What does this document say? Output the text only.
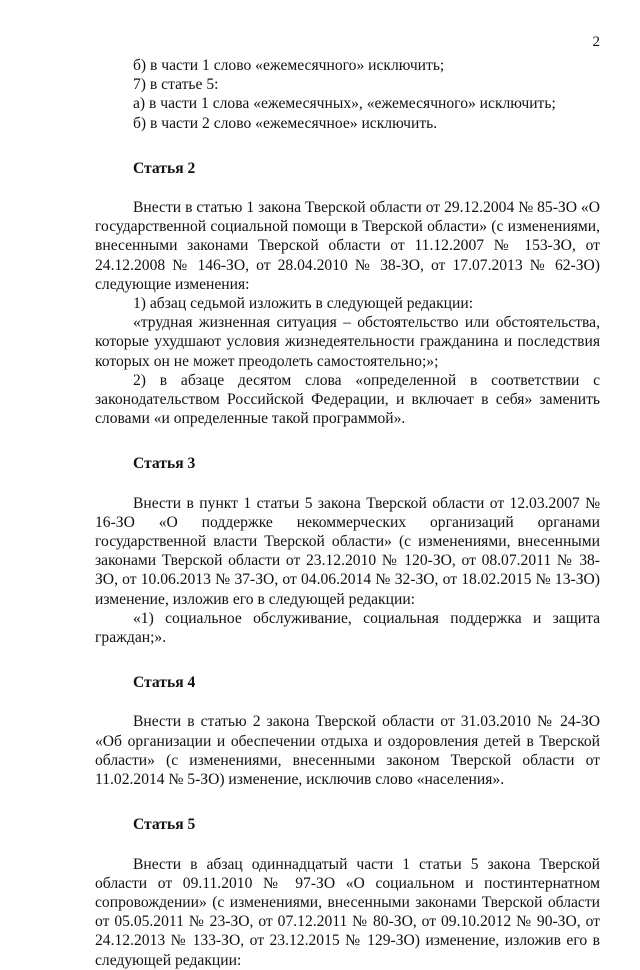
2

б) в части 1 слово «ежемесячного» исключить;

7) в статье 5:

а) в части 1 слова «ежемесячных», «ежемесячного» исключить;

б) в части 2 слово «ежемесячное» исключить.

Статья 2

Внести в статью 1 закона Тверской области от 29.12.2004 № 85-ЗО «О государственной социальной помощи в Тверской области» (с изменениями, внесенными законами Тверской области от 11.12.2007 № 153-ЗО, от 24.12.2008 № 146-ЗО, от 28.04.2010 № 38-ЗО, от 17.07.2013 № 62-ЗО) следующие изменения:

1) абзац седьмой изложить в следующей редакции:

«трудная жизненная ситуация – обстоятельство или обстоятельства, которые ухудшают условия жизнедеятельности гражданина и последствия которых он не может преодолеть самостоятельно;»;

2) в абзаце десятом слова «определенной в соответствии с законодательством Российской Федерации, и включает в себя» заменить словами «и определенные такой программой».

Статья 3

Внести в пункт 1 статьи 5 закона Тверской области от 12.03.2007 № 16-ЗО «О поддержке некоммерческих организаций органами государственной власти Тверской области» (с изменениями, внесенными законами Тверской области от 23.12.2010 № 120-ЗО, от 08.07.2011 № 38-ЗО, от 10.06.2013 № 37-ЗО, от 04.06.2014 № 32-ЗО, от 18.02.2015 № 13-ЗО) изменение, изложив его в следующей редакции:

«1) социальное обслуживание, социальная поддержка и защита граждан;».

Статья 4

Внести в статью 2 закона Тверской области от 31.03.2010 № 24-ЗО «Об организации и обеспечении отдыха и оздоровления детей в Тверской области» (с изменениями, внесенными законом Тверской области от 11.02.2014 № 5-ЗО) изменение, исключив слово «населения».

Статья 5

Внести в абзац одиннадцатый части 1 статьи 5 закона Тверской области от 09.11.2010 № 97-ЗО «О социальном и постинтернатном сопровождении» (с изменениями, внесенными законами Тверской области от 05.05.2011 № 23-ЗО, от 07.12.2011 № 80-ЗО, от 09.10.2012 № 90-ЗО, от 24.12.2013 № 133-ЗО, от 23.12.2015 № 129-ЗО) изменение, изложив его в следующей редакции:
